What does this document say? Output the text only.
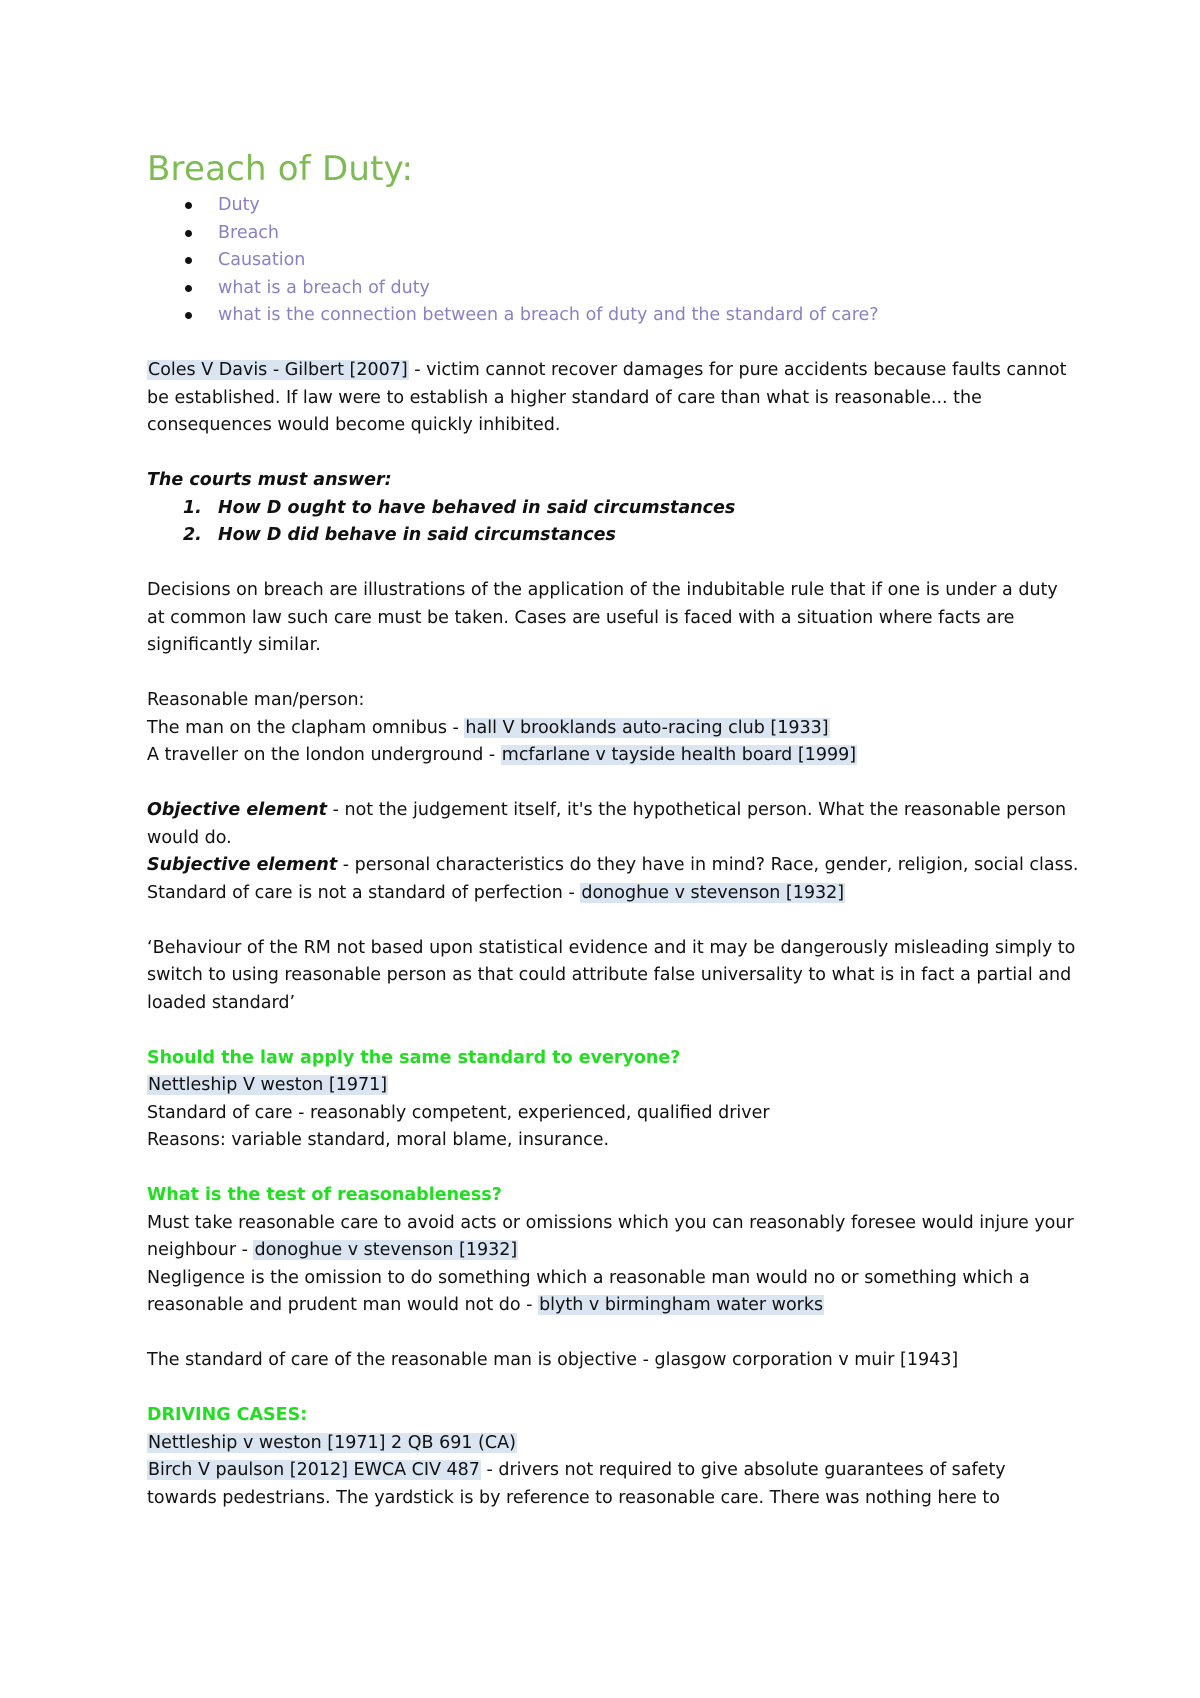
Breach of Duty:
Duty
Breach
Causation
what is a breach of duty
what is the connection between a breach of duty and the standard of care?

Coles V Davis - Gilbert [2007] - victim cannot recover damages for pure accidents because faults cannot be established. If law were to establish a higher standard of care than what is reasonable... the consequences would become quickly inhibited.

The courts must answer:

1. How D ought to have behaved in said circumstances
2. How D did behave in said circumstances

Decisions on breach are illustrations of the application of the indubitable rule that if one is under a duty at common law such care must be taken. Cases are useful is faced with a situation where facts are significantly similar.

Reasonable man/person:

The man on the clapham omnibus - hall V brooklands auto-racing club [1933]

A traveller on the london underground - mcfarlane v tayside health board [1999]

Objective element - not the judgement itself, it's the hypothetical person. What the reasonable person would do.

Subjective element - personal characteristics do they have in mind? Race, gender, religion, social class.

Standard of care is not a standard of perfection - donoghue v stevenson [1932]

‘Behaviour of the RM not based upon statistical evidence and it may be dangerously misleading simply to switch to using reasonable person as that could attribute false universality to what is in fact a partial and loaded standard’

Should the law apply the same standard to everyone?

Nettleship V weston [1971]

Standard of care - reasonably competent, experienced, qualified driver

Reasons: variable standard, moral blame, insurance.

What is the test of reasonableness?

Must take reasonable care to avoid acts or omissions which you can reasonably foresee would injure your neighbour - donoghue v stevenson [1932]

Negligence is the omission to do something which a reasonable man would no or something which a reasonable and prudent man would not do - blyth v birmingham water works

The standard of care of the reasonable man is objective - glasgow corporation v muir [1943]

DRIVING CASES:

Nettleship v weston [1971] 2 QB 691 (CA)

Birch V paulson [2012] EWCA CIV 487 - drivers not required to give absolute guarantees of safety towards pedestrians. The yardstick is by reference to reasonable care. There was nothing here to
